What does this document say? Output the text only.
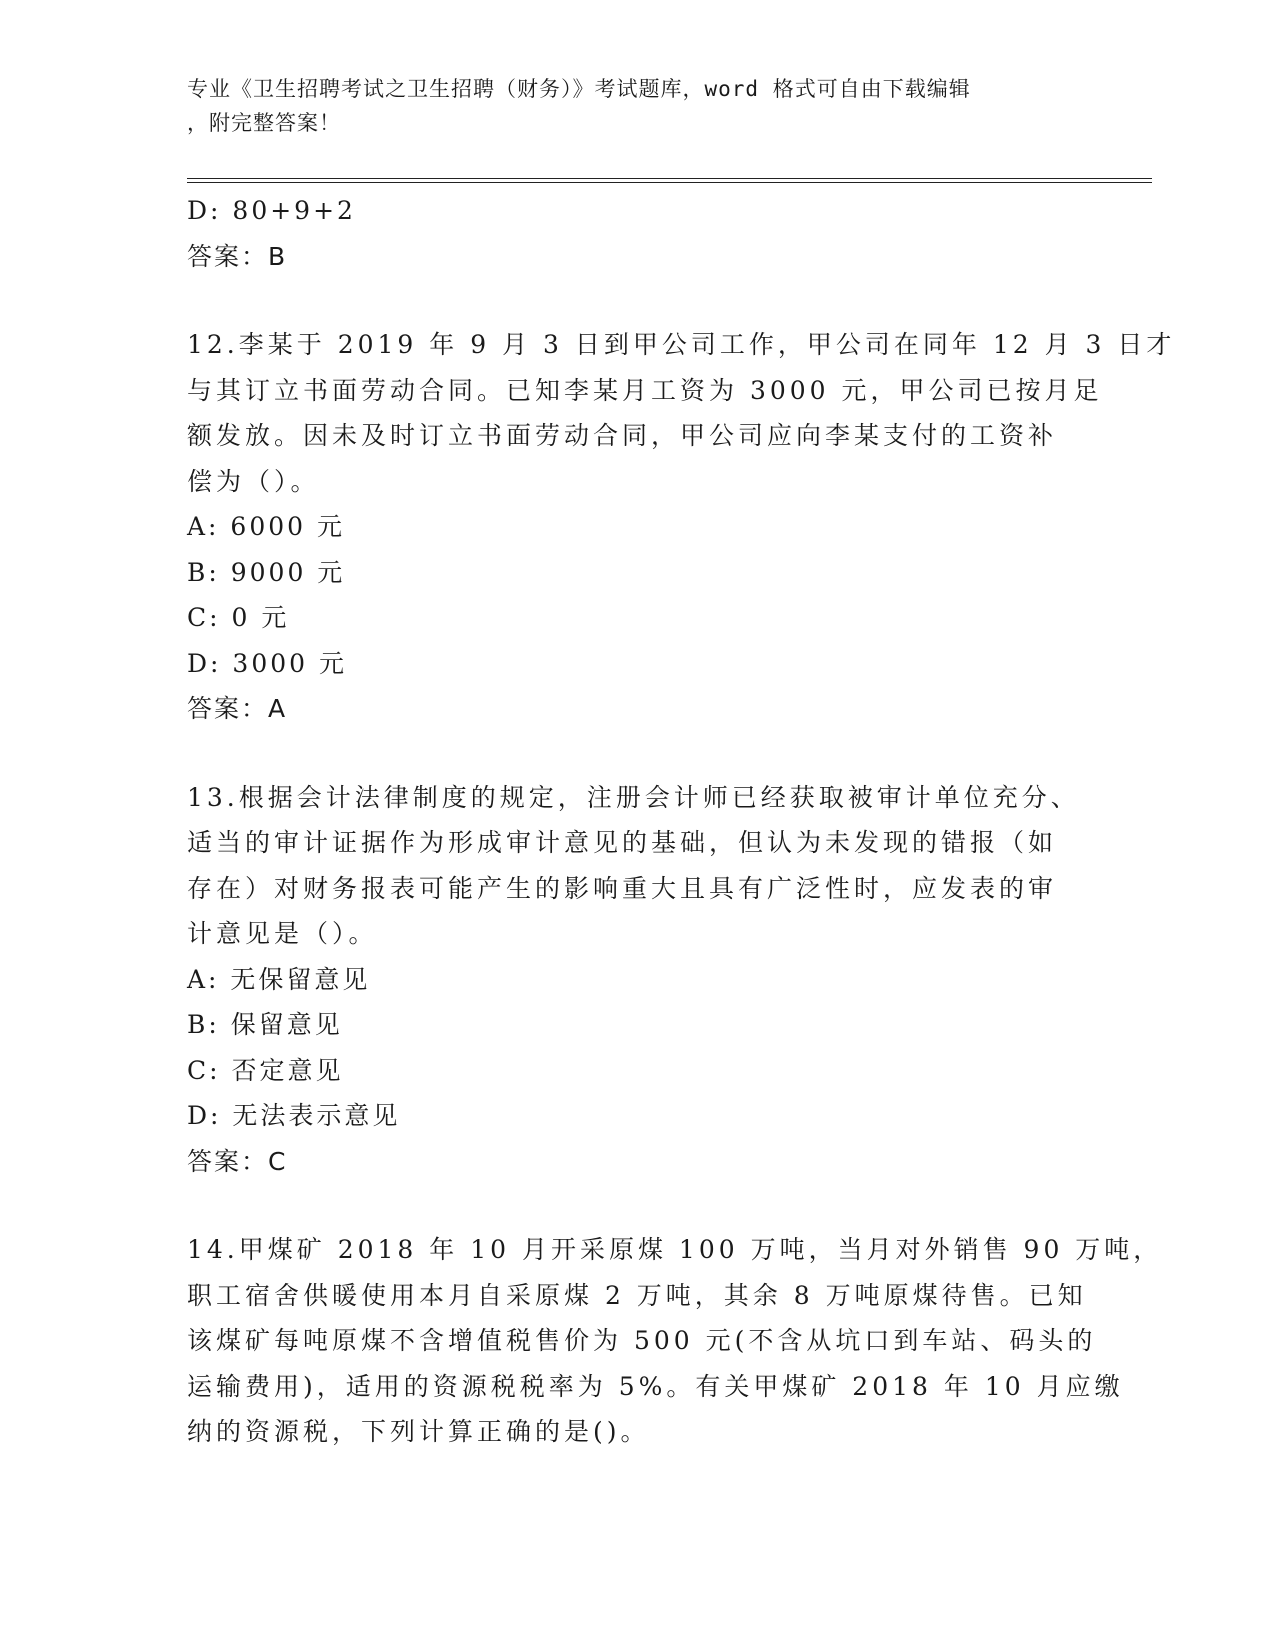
专业《卫生招聘考试之卫生招聘（财务）》考试题库，word 格式可自由下载编辑
，附完整答案！
D: 80+9+2
答案：B
12.李某于 2019 年 9 月 3 日到甲公司工作，甲公司在同年 12 月 3 日才
与其订立书面劳动合同。已知李某月工资为 3000 元，甲公司已按月足
额发放。因未及时订立书面劳动合同，甲公司应向李某支付的工资补
偿为（）。
A: 6000 元
B: 9000 元
C: 0 元
D: 3000 元
答案：A
13.根据会计法律制度的规定，注册会计师已经获取被审计单位充分、
适当的审计证据作为形成审计意见的基础，但认为未发现的错报（如
存在）对财务报表可能产生的影响重大且具有广泛性时，应发表的审
计意见是（）。
A: 无保留意见
B: 保留意见
C: 否定意见
D: 无法表示意见
答案：C
14.甲煤矿 2018 年 10 月开采原煤 100 万吨，当月对外销售 90 万吨，
职工宿舍供暖使用本月自采原煤 2 万吨，其余 8 万吨原煤待售。已知
该煤矿每吨原煤不含增值税售价为 500 元(不含从坑口到车站、码头的
运输费用)，适用的资源税税率为 5%。有关甲煤矿 2018 年 10 月应缴
纳的资源税，下列计算正确的是()。
